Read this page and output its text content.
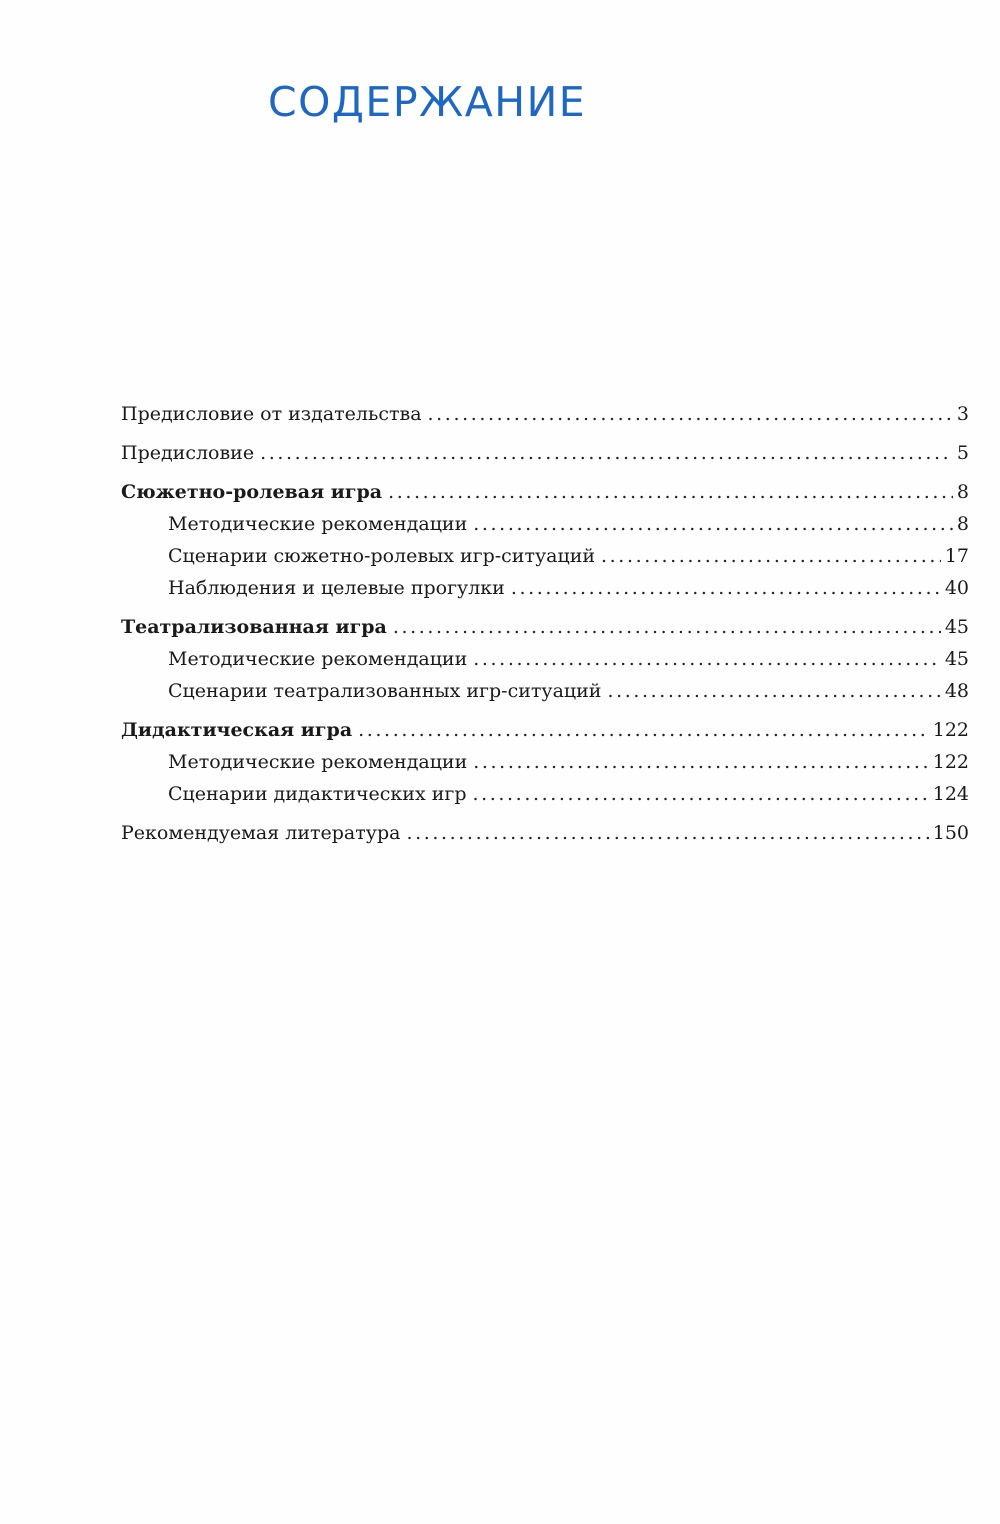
СОДЕРЖАНИЕ
Предисловие от издательства .....	3
Предисловие .....	5
Сюжетно-ролевая игра .....	8
Методические рекомендации .....	8
Сценарии сюжетно-ролевых игр-ситуаций .....	17
Наблюдения и целевые прогулки .....	40
Театрализованная игра .....	45
Методические рекомендации .....	45
Сценарии театрализованных игр-ситуаций .....	48
Дидактическая игра .....	122
Методические рекомендации .....	122
Сценарии дидактических игр .....	124
Рекомендуемая литература .....	150
